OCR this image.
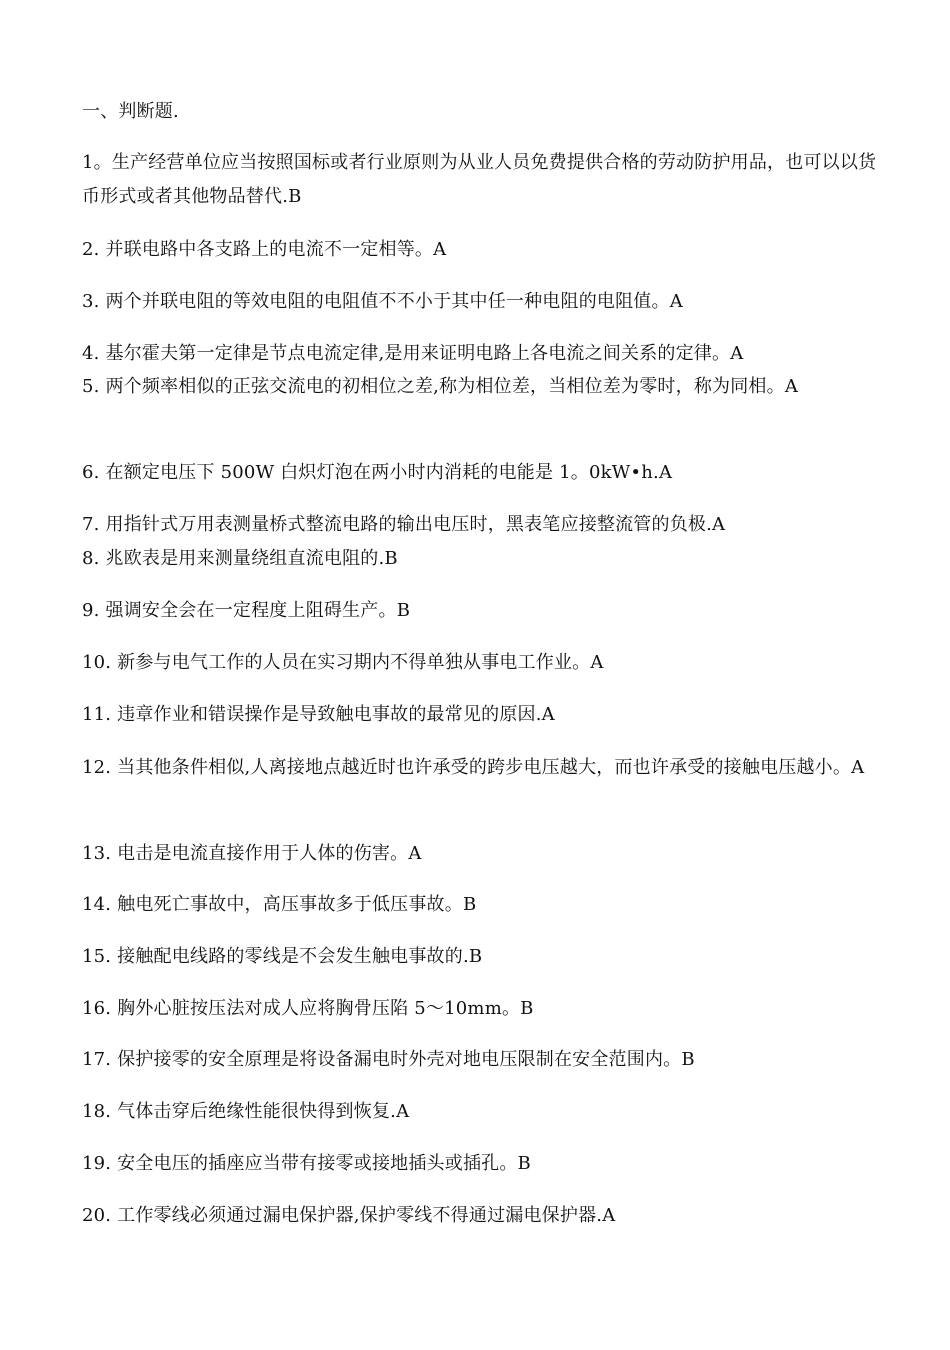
一、判断题.
1。生产经营单位应当按照国标或者行业原则为从业人员免费提供合格的劳动防护用品，也可以以货币形式或者其他物品替代.B
2. 并联电路中各支路上的电流不一定相等。A
3. 两个并联电阻的等效电阻的电阻值不不小于其中任一种电阻的电阻值。A
4. 基尔霍夫第一定律是节点电流定律,是用来证明电路上各电流之间关系的定律。A
5. 两个频率相似的正弦交流电的初相位之差,称为相位差，当相位差为零时，称为同相。A
6. 在额定电压下 500W 白炽灯泡在两小时内消耗的电能是 1。0kW•h.A
7. 用指针式万用表测量桥式整流电路的输出电压时，黑表笔应接整流管的负极.A
8. 兆欧表是用来测量绕组直流电阻的.B
9. 强调安全会在一定程度上阻碍生产。B
10. 新参与电气工作的人员在实习期内不得单独从事电工作业。A
11. 违章作业和错误操作是导致触电事故的最常见的原因.A
12. 当其他条件相似,人离接地点越近时也许承受的跨步电压越大，而也许承受的接触电压越小。A
13. 电击是电流直接作用于人体的伤害。A
14. 触电死亡事故中，高压事故多于低压事故。B
15. 接触配电线路的零线是不会发生触电事故的.B
16. 胸外心脏按压法对成人应将胸骨压陷 5～10mm。B
17. 保护接零的安全原理是将设备漏电时外壳对地电压限制在安全范围内。B
18. 气体击穿后绝缘性能很快得到恢复.A
19. 安全电压的插座应当带有接零或接地插头或插孔。B
20. 工作零线必须通过漏电保护器,保护零线不得通过漏电保护器.A
